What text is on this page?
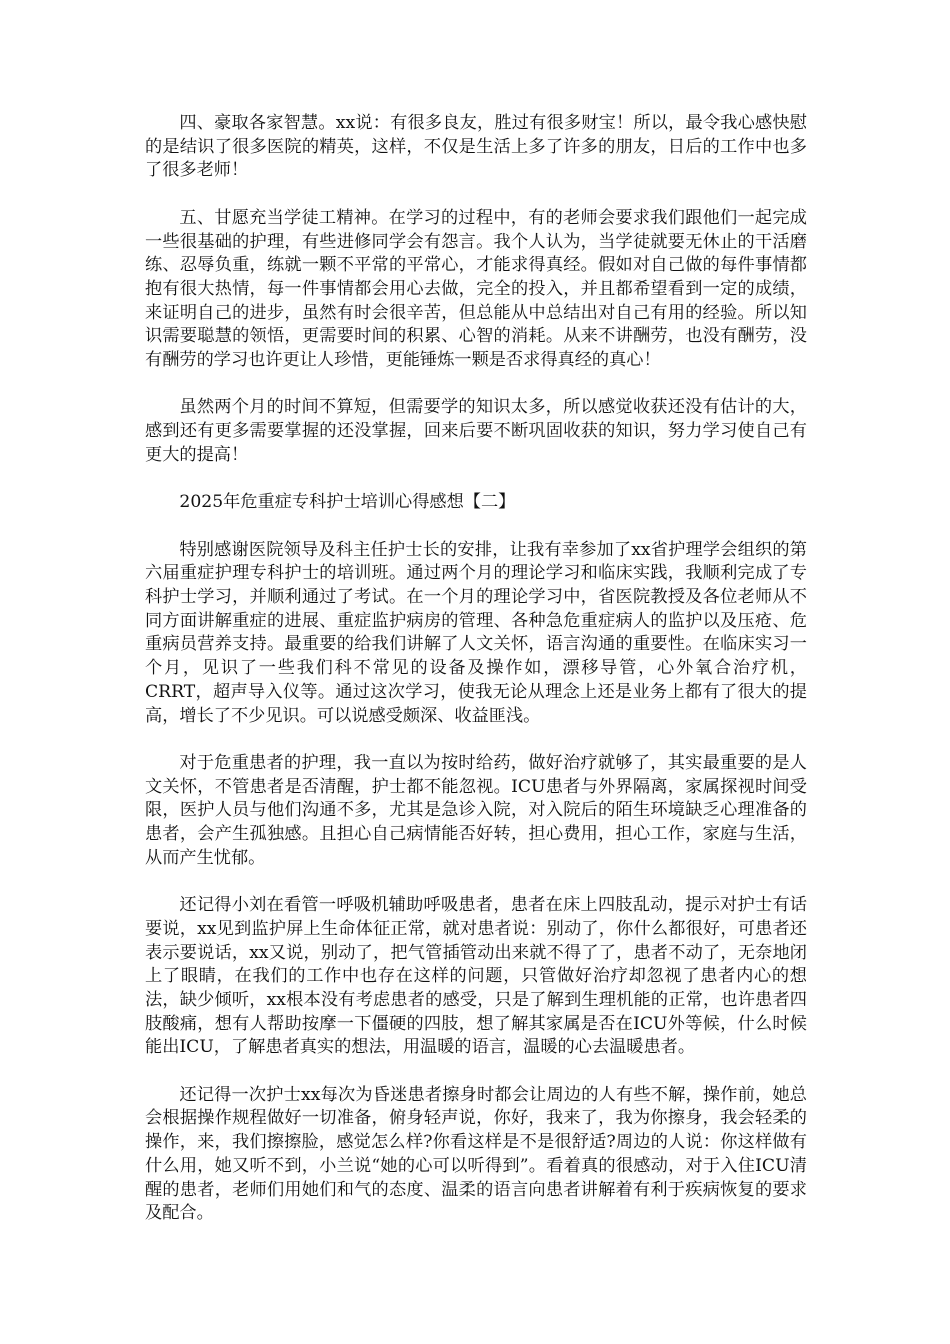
四、豪取各家智慧。xx说：有很多良友，胜过有很多财宝！所以，最令我心感快慰的是结识了很多医院的精英，这样，不仅是生活上多了许多的朋友，日后的工作中也多了很多老师！

五、甘愿充当学徒工精神。在学习的过程中，有的老师会要求我们跟他们一起完成一些很基础的护理，有些进修同学会有怨言。我个人认为，当学徒就要无休止的干活磨练、忍辱负重，练就一颗不平常的平常心，才能求得真经。假如对自己做的每件事情都抱有很大热情，每一件事情都会用心去做，完全的投入，并且都希望看到一定的成绩，来证明自己的进步，虽然有时会很辛苦，但总能从中总结出对自己有用的经验。所以知识需要聪慧的领悟，更需要时间的积累、心智的消耗。从来不讲酬劳，也没有酬劳，没有酬劳的学习也许更让人珍惜，更能锤炼一颗是否求得真经的真心！

虽然两个月的时间不算短，但需要学的知识太多，所以感觉收获还没有估计的大，感到还有更多需要掌握的还没掌握，回来后要不断巩固收获的知识，努力学习使自己有更大的提高！

2025年危重症专科护士培训心得感想【二】

特别感谢医院领导及科主任护士长的安排，让我有幸参加了xx省护理学会组织的第六届重症护理专科护士的培训班。通过两个月的理论学习和临床实践，我顺利完成了专科护士学习，并顺利通过了考试。在一个月的理论学习中，省医院教授及各位老师从不同方面讲解重症的进展、重症监护病房的管理、各种急危重症病人的监护以及压疮、危重病员营养支持。最重要的给我们讲解了人文关怀，语言沟通的重要性。在临床实习一个月，见识了一些我们科不常见的设备及操作如，漂移导管，心外氧合治疗机，CRRT，超声导入仪等。通过这次学习，使我无论从理念上还是业务上都有了很大的提高，增长了不少见识。可以说感受颇深、收益匪浅。

对于危重患者的护理，我一直以为按时给药，做好治疗就够了，其实最重要的是人文关怀，不管患者是否清醒，护士都不能忽视。ICU患者与外界隔离，家属探视时间受限，医护人员与他们沟通不多，尤其是急诊入院，对入院后的陌生环境缺乏心理准备的患者，会产生孤独感。且担心自己病情能否好转，担心费用，担心工作，家庭与生活，从而产生忧郁。

还记得小刘在看管一呼吸机辅助呼吸患者，患者在床上四肢乱动，提示对护士有话要说，xx见到监护屏上生命体征正常，就对患者说：别动了，你什么都很好，可患者还表示要说话，xx又说，别动了，把气管插管动出来就不得了了，患者不动了，无奈地闭上了眼睛，在我们的工作中也存在这样的问题，只管做好治疗却忽视了患者内心的想法，缺少倾听，xx根本没有考虑患者的感受，只是了解到生理机能的正常，也许患者四肢酸痛，想有人帮助按摩一下僵硬的四肢，想了解其家属是否在ICU外等候，什么时候能出ICU，了解患者真实的想法，用温暖的语言，温暖的心去温暖患者。

还记得一次护士xx每次为昏迷患者擦身时都会让周边的人有些不解，操作前，她总会根据操作规程做好一切准备，俯身轻声说，你好，我来了，我为你擦身，我会轻柔的操作，来，我们擦擦脸，感觉怎么样?你看这样是不是很舒适?周边的人说：你这样做有什么用，她又听不到，小兰说“她的心可以听得到”。看着真的很感动，对于入住ICU清醒的患者，老师们用她们和气的态度、温柔的语言向患者讲解着有利于疾病恢复的要求及配合。
